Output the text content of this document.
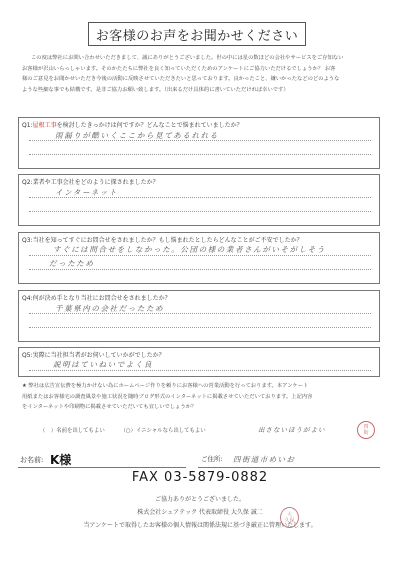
お客様のお声をお聞かせください

この度は弊社にお問い合わせいただきまして、誠にありがとうございました。世の中には星の数ほどの会社やサービスをご存知ない

お客様が沢山いらっしゃいます。そのかたたちに弊社を良く知っていただくためのアンケートにご協力いただけるでしょうか？ お客

様のご意見をお聞かせいただき今後の活動に反映させていただきたいと思っております。良かったこと、嫌いかったなどのどのような

ような些細な事でも結構です。是非ご協力お願い致します。（出来るだけ具体的に書いていただければ幸いです）

Q1:屋根工事を検討したきっかけは何ですか？どんなことで悩まれていましたか？
雨漏りが酷いくここから見てあるれれる
Q2:業者や工事会社をどのように探されましたか？
インターネット
Q3:当社を知ってすぐにお問合せをされましたか？もし悩まれたとしたらどんなことがご不安でしたか？
すぐには問合せをしなかった。公団の様の業者さんがいそがしそう
だったため
Q4:何が決め手となり当社にお問合せをされましたか？
千葉県内の会社だったため
Q5:実際に当社担当者がお伺いしていかがでしたか？
説明はていねいでよく良

★ 弊社は広告宣伝費を極力かけない為にホームページ作りを頼りにお客様への営業活動を行っております。本アンケート

用紙またはお客様宅の調査風景や施工状況を随時ブログ形式のインターネットに掲載させていただいております。上記内容

をインターネットや印刷物に掲載させていただいても宜しいでしょうか？

（　）名前を出してもよい	（○）イニシャルなら出してもよい	出さないほうがよい	四
街
お名前: K様	ご住所: 四街道市めいお
FAX 03-5879-0882
ご協力ありがとうございました。
株式会社シェアテック 代表取締役 大久保 誠二	大
久保
当アンケートで取得したお客様の個人情報は関係法規に基づき厳正に管理いたします。
